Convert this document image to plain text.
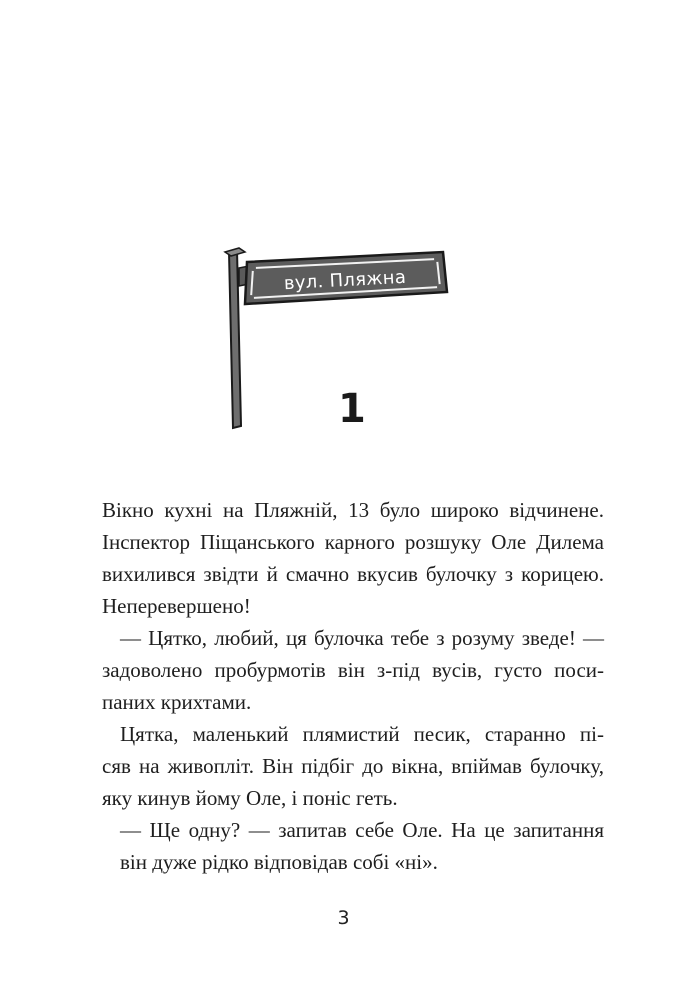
вул. Пляжна
1
Вікно кухні на Пляжній, 13 було широко відчинене.
Інспектор Піщанського карного розшуку Оле Дилема
вихилився звідти й смачно вкусив булочку з корицею.
Неперевершено!
— Цятко, любий, ця булочка тебе з розуму зведе! —
задоволено пробурмотів він з-під вусів, густо поси-
паних крихтами.
Цятка, маленький плямистий песик, старанно пі-
сяв на живопліт. Він підбіг до вікна, впіймав булочку,
яку кинув йому Оле, і поніс геть.
— Ще одну? — запитав себе Оле. На це запитання
він дуже рідко відповідав собі «ні».
3
